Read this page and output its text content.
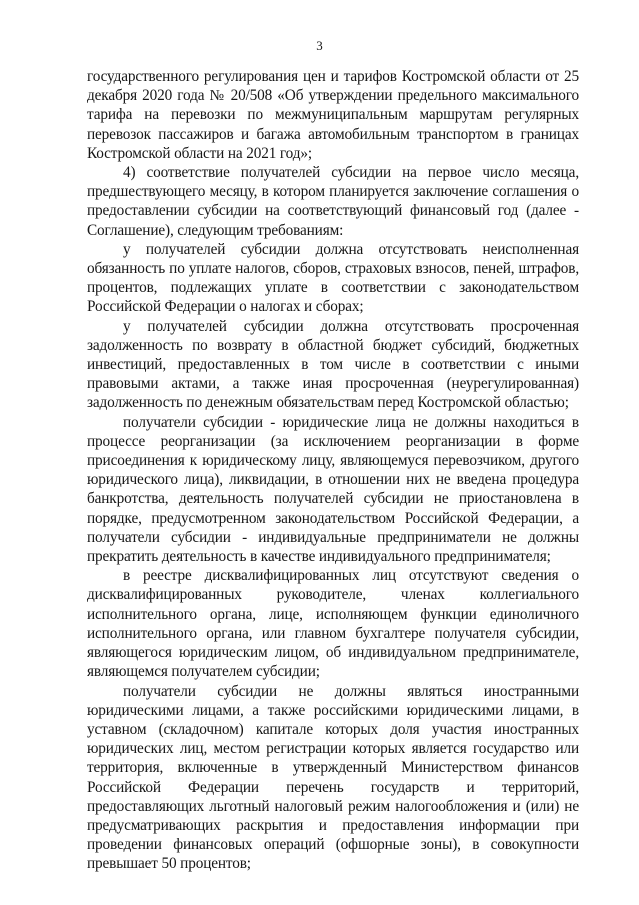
3

государственного регулирования цен и тарифов Костромской области от 25 декабря 2020 года № 20/508 «Об утверждении предельного максимального тарифа на перевозки по межмуниципальным маршрутам регулярных перевозок пассажиров и багажа автомобильным транспортом в границах Костромской области на 2021 год»;

4) соответствие получателей субсидии на первое число месяца, предшествующего месяцу, в котором планируется заключение соглашения о предоставлении субсидии на соответствующий финансовый год (далее - Соглашение), следующим требованиям:

у получателей субсидии должна отсутствовать неисполненная обязанность по уплате налогов, сборов, страховых взносов, пеней, штрафов, процентов, подлежащих уплате в соответствии с законодательством Российской Федерации о налогах и сборах;

у получателей субсидии должна отсутствовать просроченная задолженность по возврату в областной бюджет субсидий, бюджетных инвестиций, предоставленных в том числе в соответствии с иными правовыми актами, а также иная просроченная (неурегулированная) задолженность по денежным обязательствам перед Костромской областью;

получатели субсидии - юридические лица не должны находиться в процессе реорганизации (за исключением реорганизации в форме присоединения к юридическому лицу, являющемуся перевозчиком, другого юридического лица), ликвидации, в отношении них не введена процедура банкротства, деятельность получателей субсидии не приостановлена в порядке, предусмотренном законодательством Российской Федерации, а получатели субсидии - индивидуальные предприниматели не должны прекратить деятельность в качестве индивидуального предпринимателя;

в реестре дисквалифицированных лиц отсутствуют сведения о дисквалифицированных руководителе, членах коллегиального исполнительного органа, лице, исполняющем функции единоличного исполнительного органа, или главном бухгалтере получателя субсидии, являющегося юридическим лицом, об индивидуальном предпринимателе, являющемся получателем субсидии;

получатели субсидии не должны являться иностранными юридическими лицами, а также российскими юридическими лицами, в уставном (складочном) капитале которых доля участия иностранных юридических лиц, местом регистрации которых является государство или территория, включенные в утвержденный Министерством финансов Российской Федерации перечень государств и территорий, предоставляющих льготный налоговый режим налогообложения и (или) не предусматривающих раскрытия и предоставления информации при проведении финансовых операций (офшорные зоны), в совокупности превышает 50 процентов;
